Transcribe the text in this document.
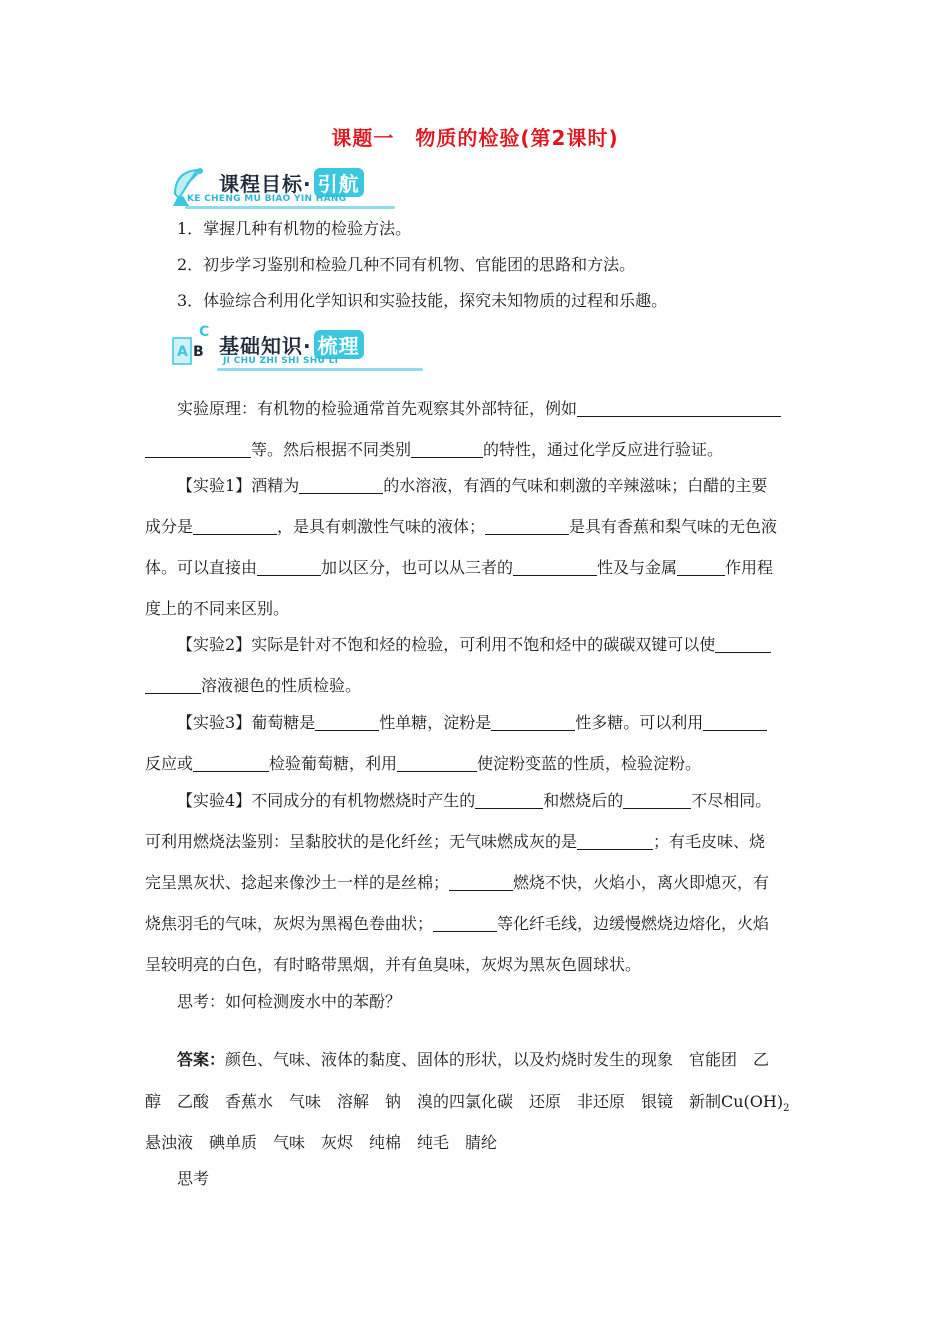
课题一　物质的检验(第2课时)
课程目标· 引航
KE CHENG MU BIAO YIN HANG
1．掌握几种有机物的检验方法。
2．初步学习鉴别和检验几种不同有机物、官能团的思路和方法。
3．体验综合利用化学知识和实验技能，探究未知物质的过程和乐趣。
A B
C
基础知识· 梳理
JI CHU ZHI SHI SHU LI
实验原理：有机物的检验通常首先观察其外部特征，例如
等。然后根据不同类别	的特性，通过化学反应进行验证。
【实验1】酒精为	的水溶液，有酒的气味和刺激的辛辣滋味；白醋的主要
成分是	，是具有刺激性气味的液体；	是具有香蕉和梨气味的无色液
体。可以直接由	加以区分，也可以从三者的	性及与金属	作用程
度上的不同来区别。
【实验2】实际是针对不饱和烃的检验，可利用不饱和烃中的碳碳双键可以使
溶液褪色的性质检验。
【实验3】葡萄糖是	性单糖，淀粉是	性多糖。可以利用
反应或	检验葡萄糖，利用	使淀粉变蓝的性质，检验淀粉。
【实验4】不同成分的有机物燃烧时产生的	和燃烧后的	不尽相同。
可利用燃烧法鉴别：呈黏胶状的是化纤丝；无气味燃成灰的是	；有毛皮味、烧
完呈黑灰状、捻起来像沙土一样的是丝棉；	燃烧不快，火焰小，离火即熄灭，有
烧焦羽毛的气味，灰烬为黑褐色卷曲状；	等化纤毛线，边缓慢燃烧边熔化，火焰
呈较明亮的白色，有时略带黑烟，并有鱼臭味，灰烬为黑灰色圆球状。
思考：如何检测废水中的苯酚？
答案：颜色、气味、液体的黏度、固体的形状，以及灼烧时发生的现象　官能团　乙
醇　乙酸　香蕉水　气味　溶解　钠　溴的四氯化碳　还原　非还原　银镜　新制$Cu(OH)_2$
悬浊液　碘单质　气味　灰烬　纯棉　纯毛　腈纶
思考
